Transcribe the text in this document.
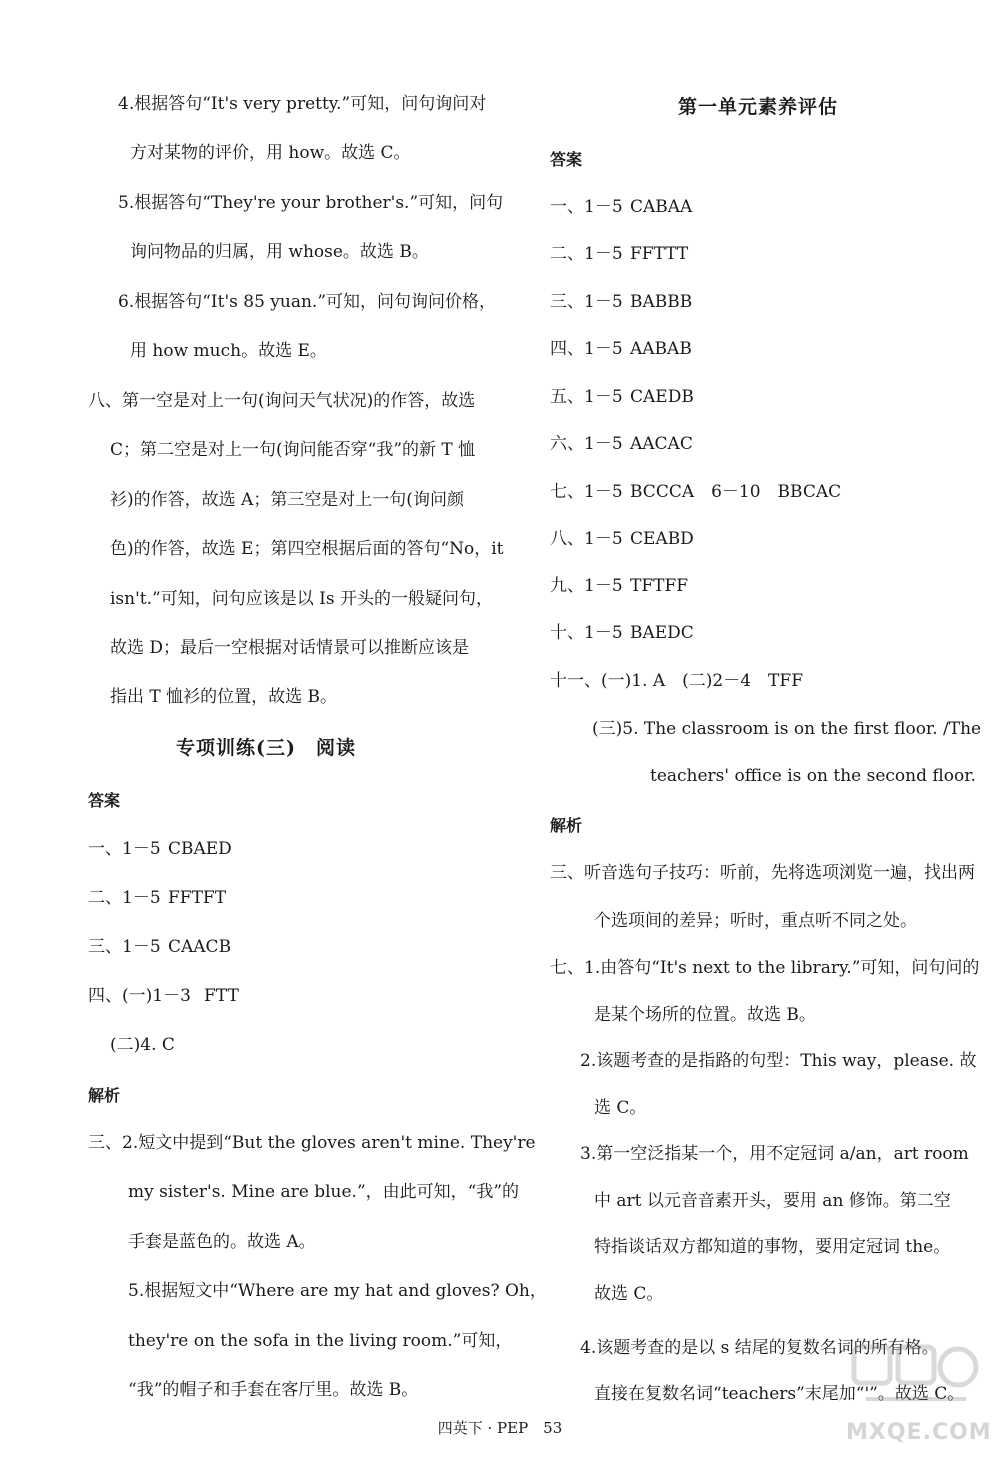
4.根据答句“It's very pretty.”可知，问句询问对
方对某物的评价，用 how。故选 C。
5.根据答句“They're your brother's.”可知，问句
询问物品的归属，用 whose。故选 B。
6.根据答句“It's 85 yuan.”可知，问句询问价格，
用 how much。故选 E。
八、第一空是对上一句(询问天气状况)的作答，故选
C；第二空是对上一句(询问能否穿“我”的新 T 恤
衫)的作答，故选 A；第三空是对上一句(询问颜
色)的作答，故选 E；第四空根据后面的答句“No，it
isn't.”可知，问句应该是以 Is 开头的一般疑问句，
故选 D；最后一空根据对话情景可以推断应该是
指出 T 恤衫的位置，故选 B。
专项训练(三)　阅读
答案
一、1－5 CBAED
二、1－5 FFTFT
三、1－5 CAACB
四、(一)1－3 FTT
(二)4. C
解析
三、2.短文中提到“But the gloves aren't mine. They're
my sister's. Mine are blue.”，由此可知，“我”的
手套是蓝色的。故选 A。
5.根据短文中“Where are my hat and gloves? Oh，
they're on the sofa in the living room.”可知，
“我”的帽子和手套在客厅里。故选 B。
第一单元素养评估
答案
一、1－5 CABAA
二、1－5 FFTTT
三、1－5 BABBB
四、1－5 AABAB
五、1－5 CAEDB
六、1－5 AACAC
七、1－5 BCCCA　6－10　BBCAC
八、1－5 CEABD
九、1－5 TFTFF
十、1－5 BAEDC
十一、(一)1. A　(二)2－4　TFF
(三)5. The classroom is on the first floor. /The
teachers' office is on the second floor.
解析
三、听音选句子技巧：听前，先将选项浏览一遍，找出两
个选项间的差异；听时，重点听不同之处。
七、1.由答句“It's next to the library.”可知，问句问的
是某个场所的位置。故选 B。
2.该题考查的是指路的句型：This way，please. 故
选 C。
3.第一空泛指某一个，用不定冠词 a/an，art room
中 art 以元音音素开头，要用 an 修饰。第二空
特指谈话双方都知道的事物，要用定冠词 the。
故选 C。
4.该题考查的是以 s 结尾的复数名词的所有格。
直接在复数名词“teachers”末尾加“'”。故选 C。
四英下 · PEP　53	MXQE.COM
